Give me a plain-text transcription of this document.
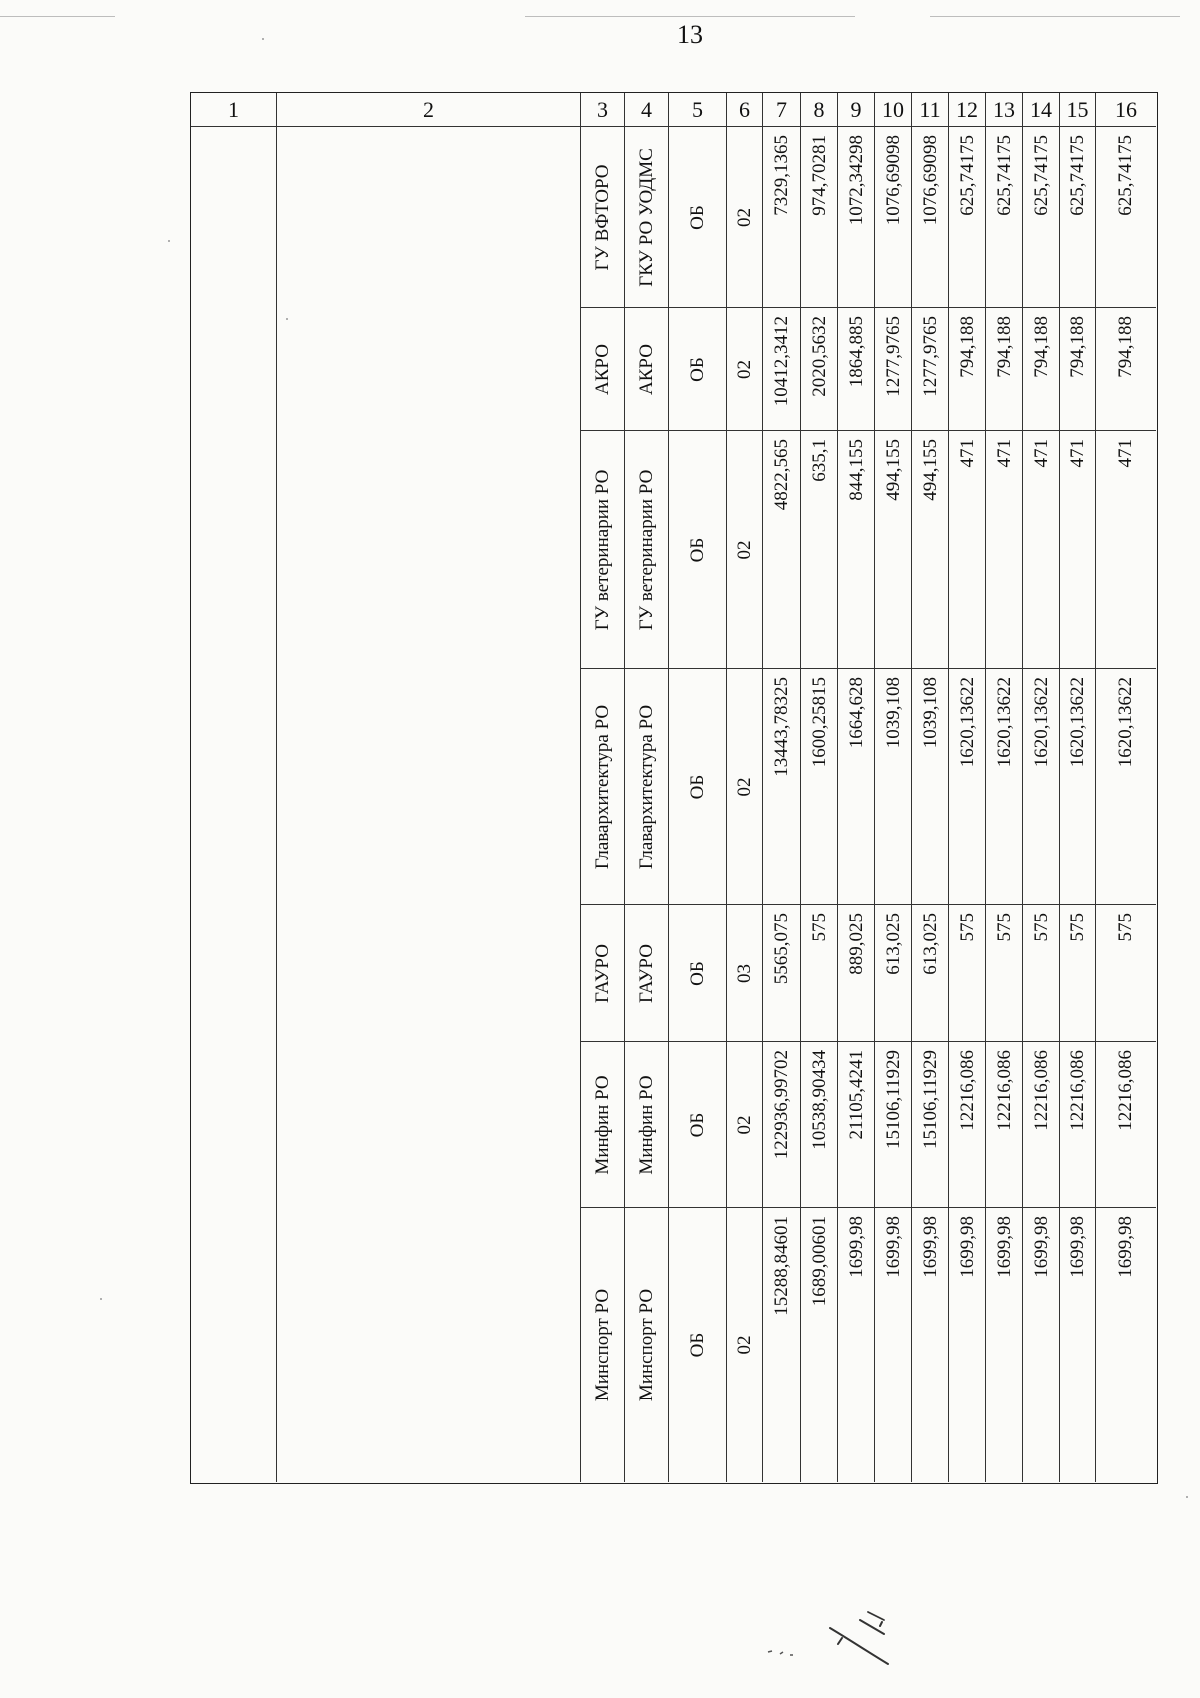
13
1	2	3 4 5 6 7 8 9 10 11 12 13 14 15 16
ГУ ВФТОРО ГКУ РО УОДМС ОБ 02
7329,1365 974,70281 1072,34298 1076,69098 1076,69098 625,74175 625,74175 625,74175 625,74175 625,74175
АКРО АКРО ОБ 02 10412,3412 2020,5632 1864,885 1277,9765 1277,9765 794,188 794,188 794,188 794,188 794,188
ГУ ветеринарии РО ГУ ветеринарии РО ОБ 02
4822,565 635,1 844,155 494,155 494,155 471 471 471 471 471
Главархитектура РО Главархитектура РО ОБ 02
13443,78325 1600,25815 1664,628 1039,108 1039,108 1620,13622 1620,13622 1620,13622 1620,13622 1620,13622
ГАУРО ГАУРО ОБ 03 5565,075 575 889,025 613,025 613,025 575 575 575 575 575
Минфин РО Минфин РО ОБ 02 122936,99702 10538,90434 21105,4241 15106,11929 15106,11929 12216,086 12216,086 12216,086 12216,086 12216,086
Минспорт РО Минспорт РО ОБ 02
15288,84601 1689,00601 1699,98 1699,98 1699,98 1699,98 1699,98 1699,98 1699,98 1699,98
